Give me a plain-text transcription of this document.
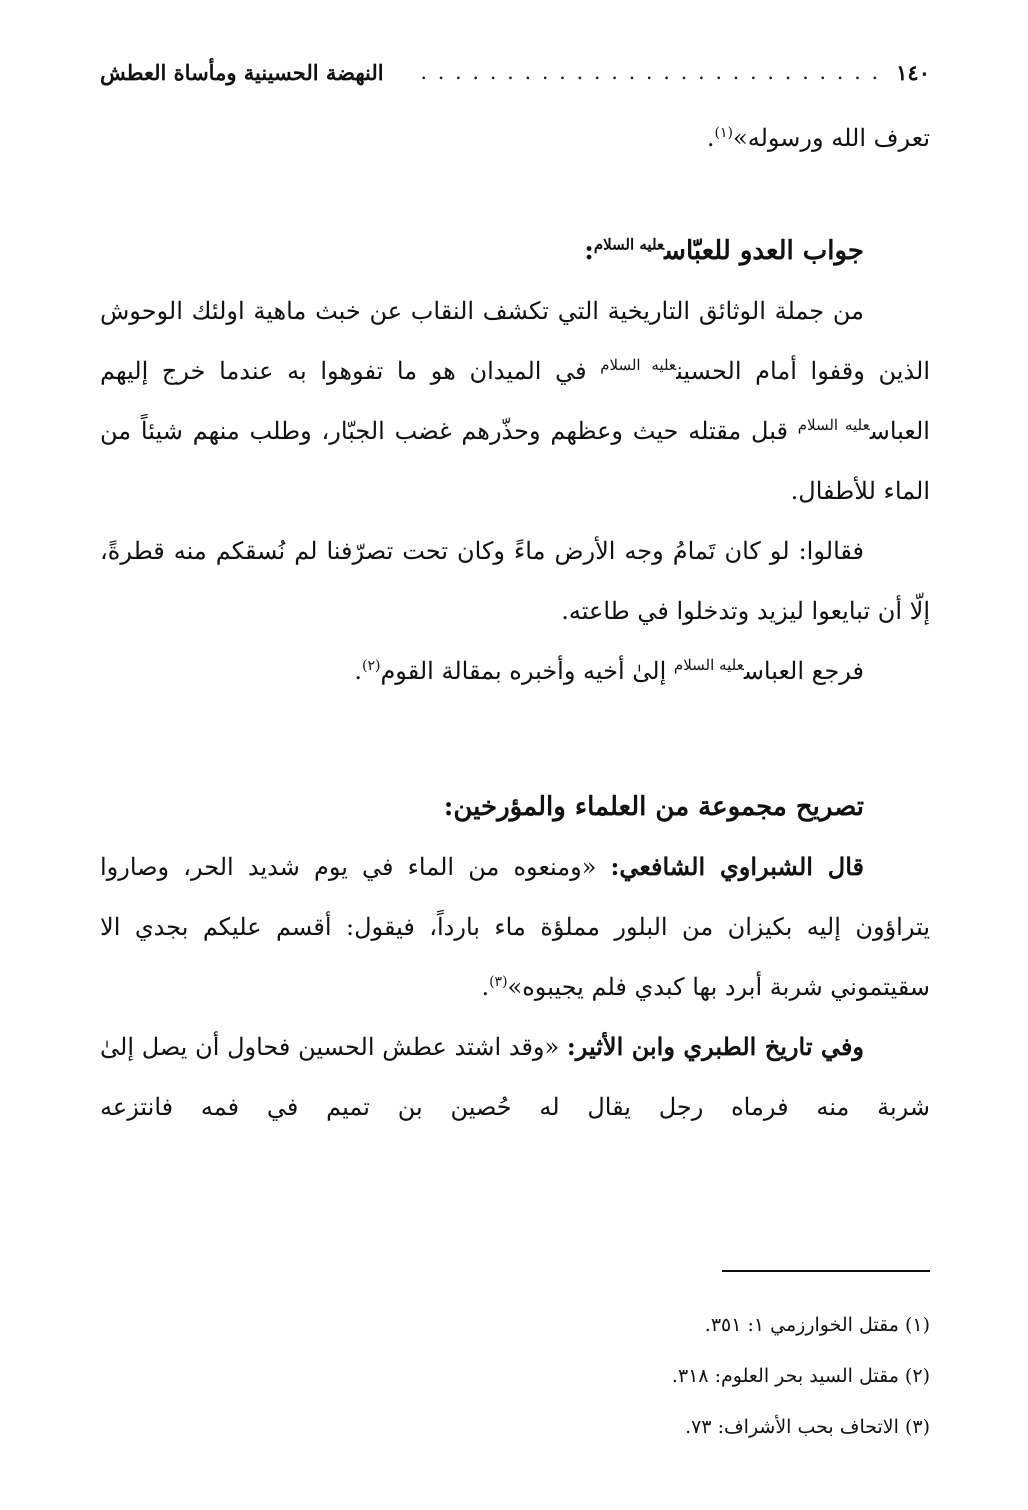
١٤٠
. . . . . . . . . . . . . . . . . . . . . . . . . . .
النهضة الحسينية ومأساة العطش

تعرف الله ورسوله»$^{(١)}$.

جواب العدو للعبّاس$^{عليه السلام}$:

من جملة الوثائق التاريخية التي تكشف النقاب عن خبث ماهية اولئك الوحوش الذين وقفوا أمام الحسين$^{عليه السلام}$ في الميدان هو ما تفوهوا به عندما خرج إليهم العباس$^{عليه السلام}$ قبل مقتله حيث وعظهم وحذّرهم غضب الجبّار، وطلب منهم شيئاً من الماء للأطفال.

فقالوا: لو كان تَمامُ وجه الأرض ماءً وكان تحت تصرّفنا لم نُسقكم منه قطرةً، إلّا أن تبايعوا ليزيد وتدخلوا في طاعته.

فرجع العباس$^{عليه السلام}$ إلىٰ أخيه وأخبره بمقالة القوم$^{(٢)}$.

تصريح مجموعة من العلماء والمؤرخين:

قال الشبراوي الشافعي: «ومنعوه من الماء في يوم شديد الحر، وصاروا يتراؤون إليه بكيزان من البلور مملؤة ماء بارداً، فيقول: أقسم عليكم بجدي الا سقيتموني شربة أبرد بها كبدي فلم يجيبوه»$^{(٣)}$.

وفي تاريخ الطبري وابن الأثير: «وقد اشتد عطش الحسين فحاول أن يصل إلىٰ شربة منه فرماه رجل يقال له حُصين بن تميم في فمه فانتزعه

(١) مقتل الخوارزمي ١: ٣٥١.

(٢) مقتل السيد بحر العلوم: ٣١٨.

(٣) الاتحاف بحب الأشراف: ٧٣.
